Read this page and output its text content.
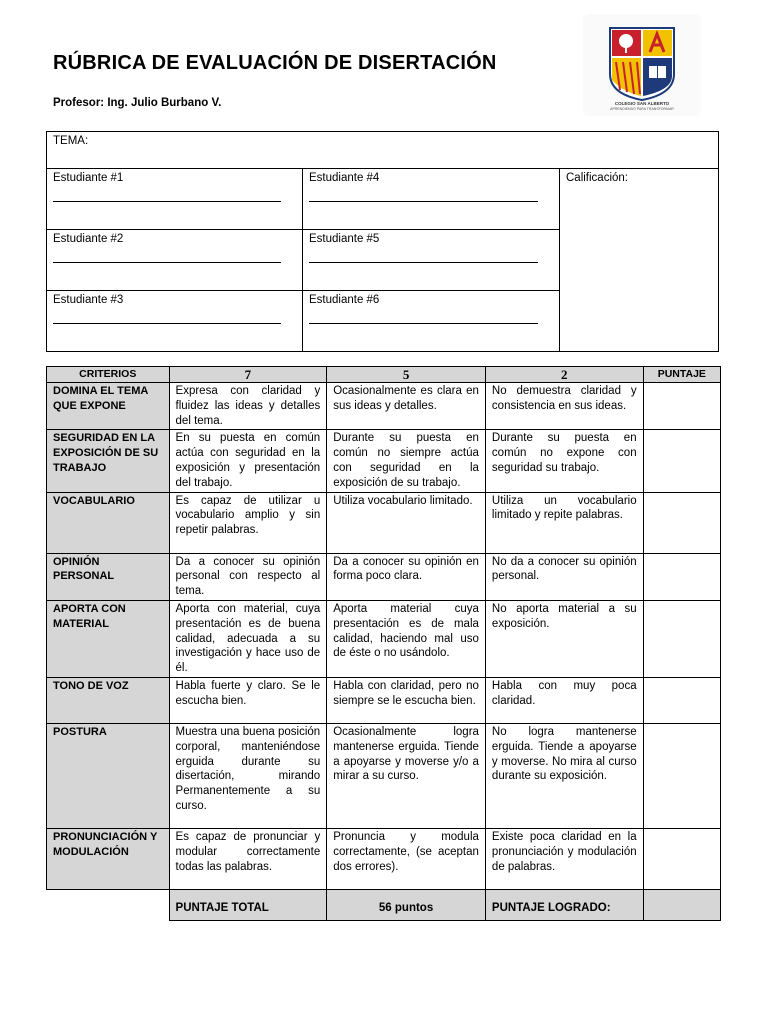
RÚBRICA DE EVALUACIÓN DE DISERTACIÓN

Profesor: Ing. Julio Burbano V.	COLEGIO SAN ALBERTO
APRENDIENDO PARA TRANSFORMAR
TEMA:		
Estudiante #1	Estudiante #4	Calificación:
Estudiante #2	Estudiante #5	

Estudiante #3	Estudiante #6	
CRITERIOS	7	5	2	PUNTAJE
DOMINA EL TEMA QUE EXPONE	Expresa con claridad y fluidez las ideas y detalles del tema.	Ocasionalmente es clara en sus ideas y detalles.	No demuestra claridad y consistencia en sus ideas.	
SEGURIDAD EN LA EXPOSICIÓN DE SU TRABAJO	En su puesta en común actúa con seguridad en la exposición y presentación del trabajo.	Durante su puesta en común no siempre actúa con seguridad en la exposición de su trabajo.	Durante su puesta en común no expone con seguridad su trabajo.	
VOCABULARIO	Es capaz de utilizar u vocabulario amplio y sin repetir palabras.	Utiliza vocabulario limitado.	Utiliza un vocabulario limitado y repite palabras.	
OPINIÓN PERSONAL	Da a conocer su opinión personal con respecto al tema.	Da a conocer su opinión en forma poco clara.	No da a conocer su opinión personal.	
APORTA CON MATERIAL	Aporta con material, cuya presentación es de buena calidad, adecuada a su investigación y hace uso de él.	Aporta material cuya presentación es de mala calidad, haciendo mal uso de éste o no usándolo.	No aporta material a su exposición.	
TONO DE VOZ	Habla fuerte y claro. Se le escucha bien.	Habla con claridad, pero no siempre se le escucha bien.	Habla con muy poca claridad.	
POSTURA	Muestra una buena posición corporal, manteniéndose erguida durante su disertación, mirando Permanentemente a su curso.	Ocasionalmente logra mantenerse erguida. Tiende a apoyarse y moverse y/o a mirar a su curso.	No logra mantenerse erguida. Tiende a apoyarse y moverse. No mira al curso durante su exposición.	
PRONUNCIACIÓN Y MODULACIÓN	Es capaz de pronunciar y modular correctamente todas las palabras.	Pronuncia y modula correctamente, (se aceptan dos errores).	Existe poca claridad en la pronunciación y modulación de palabras.	
	PUNTAJE TOTAL	56 puntos	PUNTAJE LOGRADO:	
